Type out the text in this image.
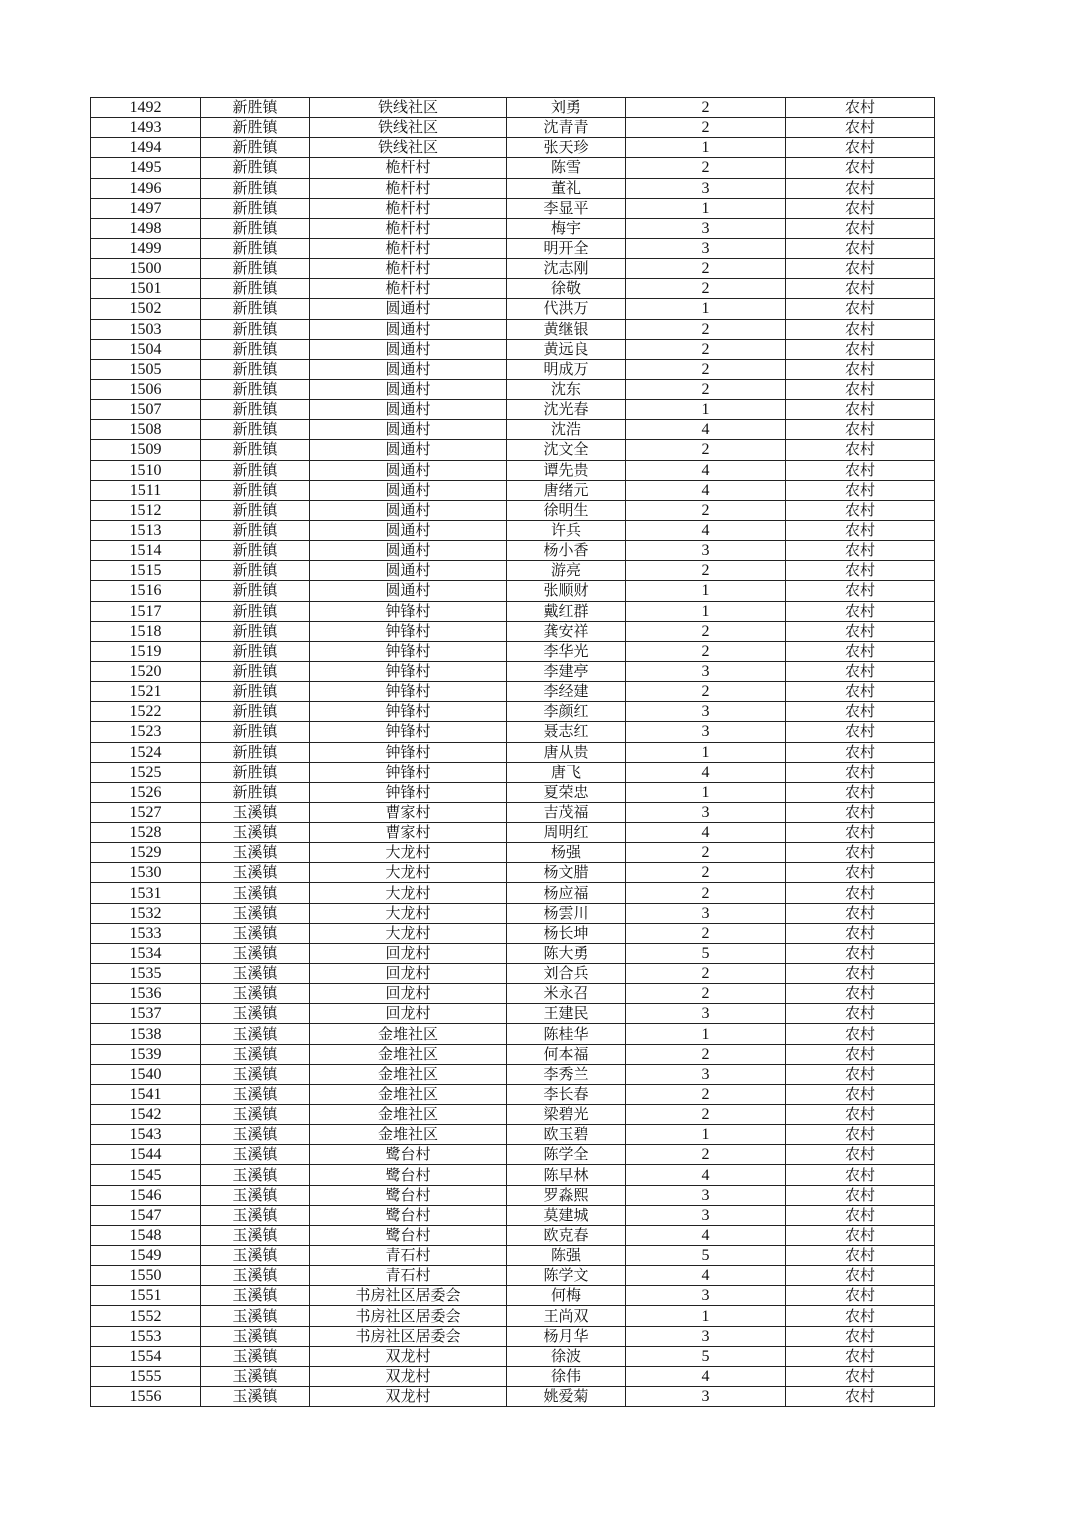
1492	新胜镇	铁线社区	刘勇	2	农村
1493	新胜镇	铁线社区	沈青青	2	农村
1494	新胜镇	铁线社区	张天珍	1	农村
1495	新胜镇	桅杆村	陈雪	2	农村
1496	新胜镇	桅杆村	董礼	3	农村
1497	新胜镇	桅杆村	李显平	1	农村
1498	新胜镇	桅杆村	梅宇	3	农村
1499	新胜镇	桅杆村	明开全	3	农村
1500	新胜镇	桅杆村	沈志刚	2	农村
1501	新胜镇	桅杆村	徐敬	2	农村
1502	新胜镇	圆通村	代洪万	1	农村
1503	新胜镇	圆通村	黄继银	2	农村
1504	新胜镇	圆通村	黄远良	2	农村
1505	新胜镇	圆通村	明成万	2	农村
1506	新胜镇	圆通村	沈东	2	农村
1507	新胜镇	圆通村	沈光春	1	农村
1508	新胜镇	圆通村	沈浩	4	农村
1509	新胜镇	圆通村	沈文全	2	农村
1510	新胜镇	圆通村	谭先贵	4	农村
1511	新胜镇	圆通村	唐绪元	4	农村
1512	新胜镇	圆通村	徐明生	2	农村
1513	新胜镇	圆通村	许兵	4	农村
1514	新胜镇	圆通村	杨小香	3	农村
1515	新胜镇	圆通村	游亮	2	农村
1516	新胜镇	圆通村	张顺财	1	农村
1517	新胜镇	钟锋村	戴红群	1	农村
1518	新胜镇	钟锋村	龚安祥	2	农村
1519	新胜镇	钟锋村	李华光	2	农村
1520	新胜镇	钟锋村	李建亭	3	农村
1521	新胜镇	钟锋村	李经建	2	农村
1522	新胜镇	钟锋村	李颜红	3	农村
1523	新胜镇	钟锋村	聂志红	3	农村
1524	新胜镇	钟锋村	唐从贵	1	农村
1525	新胜镇	钟锋村	唐飞	4	农村
1526	新胜镇	钟锋村	夏荣忠	1	农村
1527	玉溪镇	曹家村	吉茂福	3	农村
1528	玉溪镇	曹家村	周明红	4	农村
1529	玉溪镇	大龙村	杨强	2	农村
1530	玉溪镇	大龙村	杨文腊	2	农村
1531	玉溪镇	大龙村	杨应福	2	农村
1532	玉溪镇	大龙村	杨雲川	3	农村
1533	玉溪镇	大龙村	杨长坤	2	农村
1534	玉溪镇	回龙村	陈大勇	5	农村
1535	玉溪镇	回龙村	刘合兵	2	农村
1536	玉溪镇	回龙村	米永召	2	农村
1537	玉溪镇	回龙村	王建民	3	农村
1538	玉溪镇	金堆社区	陈桂华	1	农村
1539	玉溪镇	金堆社区	何本福	2	农村
1540	玉溪镇	金堆社区	李秀兰	3	农村
1541	玉溪镇	金堆社区	李长春	2	农村
1542	玉溪镇	金堆社区	梁碧光	2	农村
1543	玉溪镇	金堆社区	欧玉碧	1	农村
1544	玉溪镇	鹭台村	陈学全	2	农村
1545	玉溪镇	鹭台村	陈早林	4	农村
1546	玉溪镇	鹭台村	罗淼熙	3	农村
1547	玉溪镇	鹭台村	莫建城	3	农村
1548	玉溪镇	鹭台村	欧克春	4	农村
1549	玉溪镇	青石村	陈强	5	农村
1550	玉溪镇	青石村	陈学文	4	农村
1551	玉溪镇	书房社区居委会	何梅	3	农村
1552	玉溪镇	书房社区居委会	王尚双	1	农村
1553	玉溪镇	书房社区居委会	杨月华	3	农村
1554	玉溪镇	双龙村	徐波	5	农村
1555	玉溪镇	双龙村	徐伟	4	农村
1556	玉溪镇	双龙村	姚爱菊	3	农村
